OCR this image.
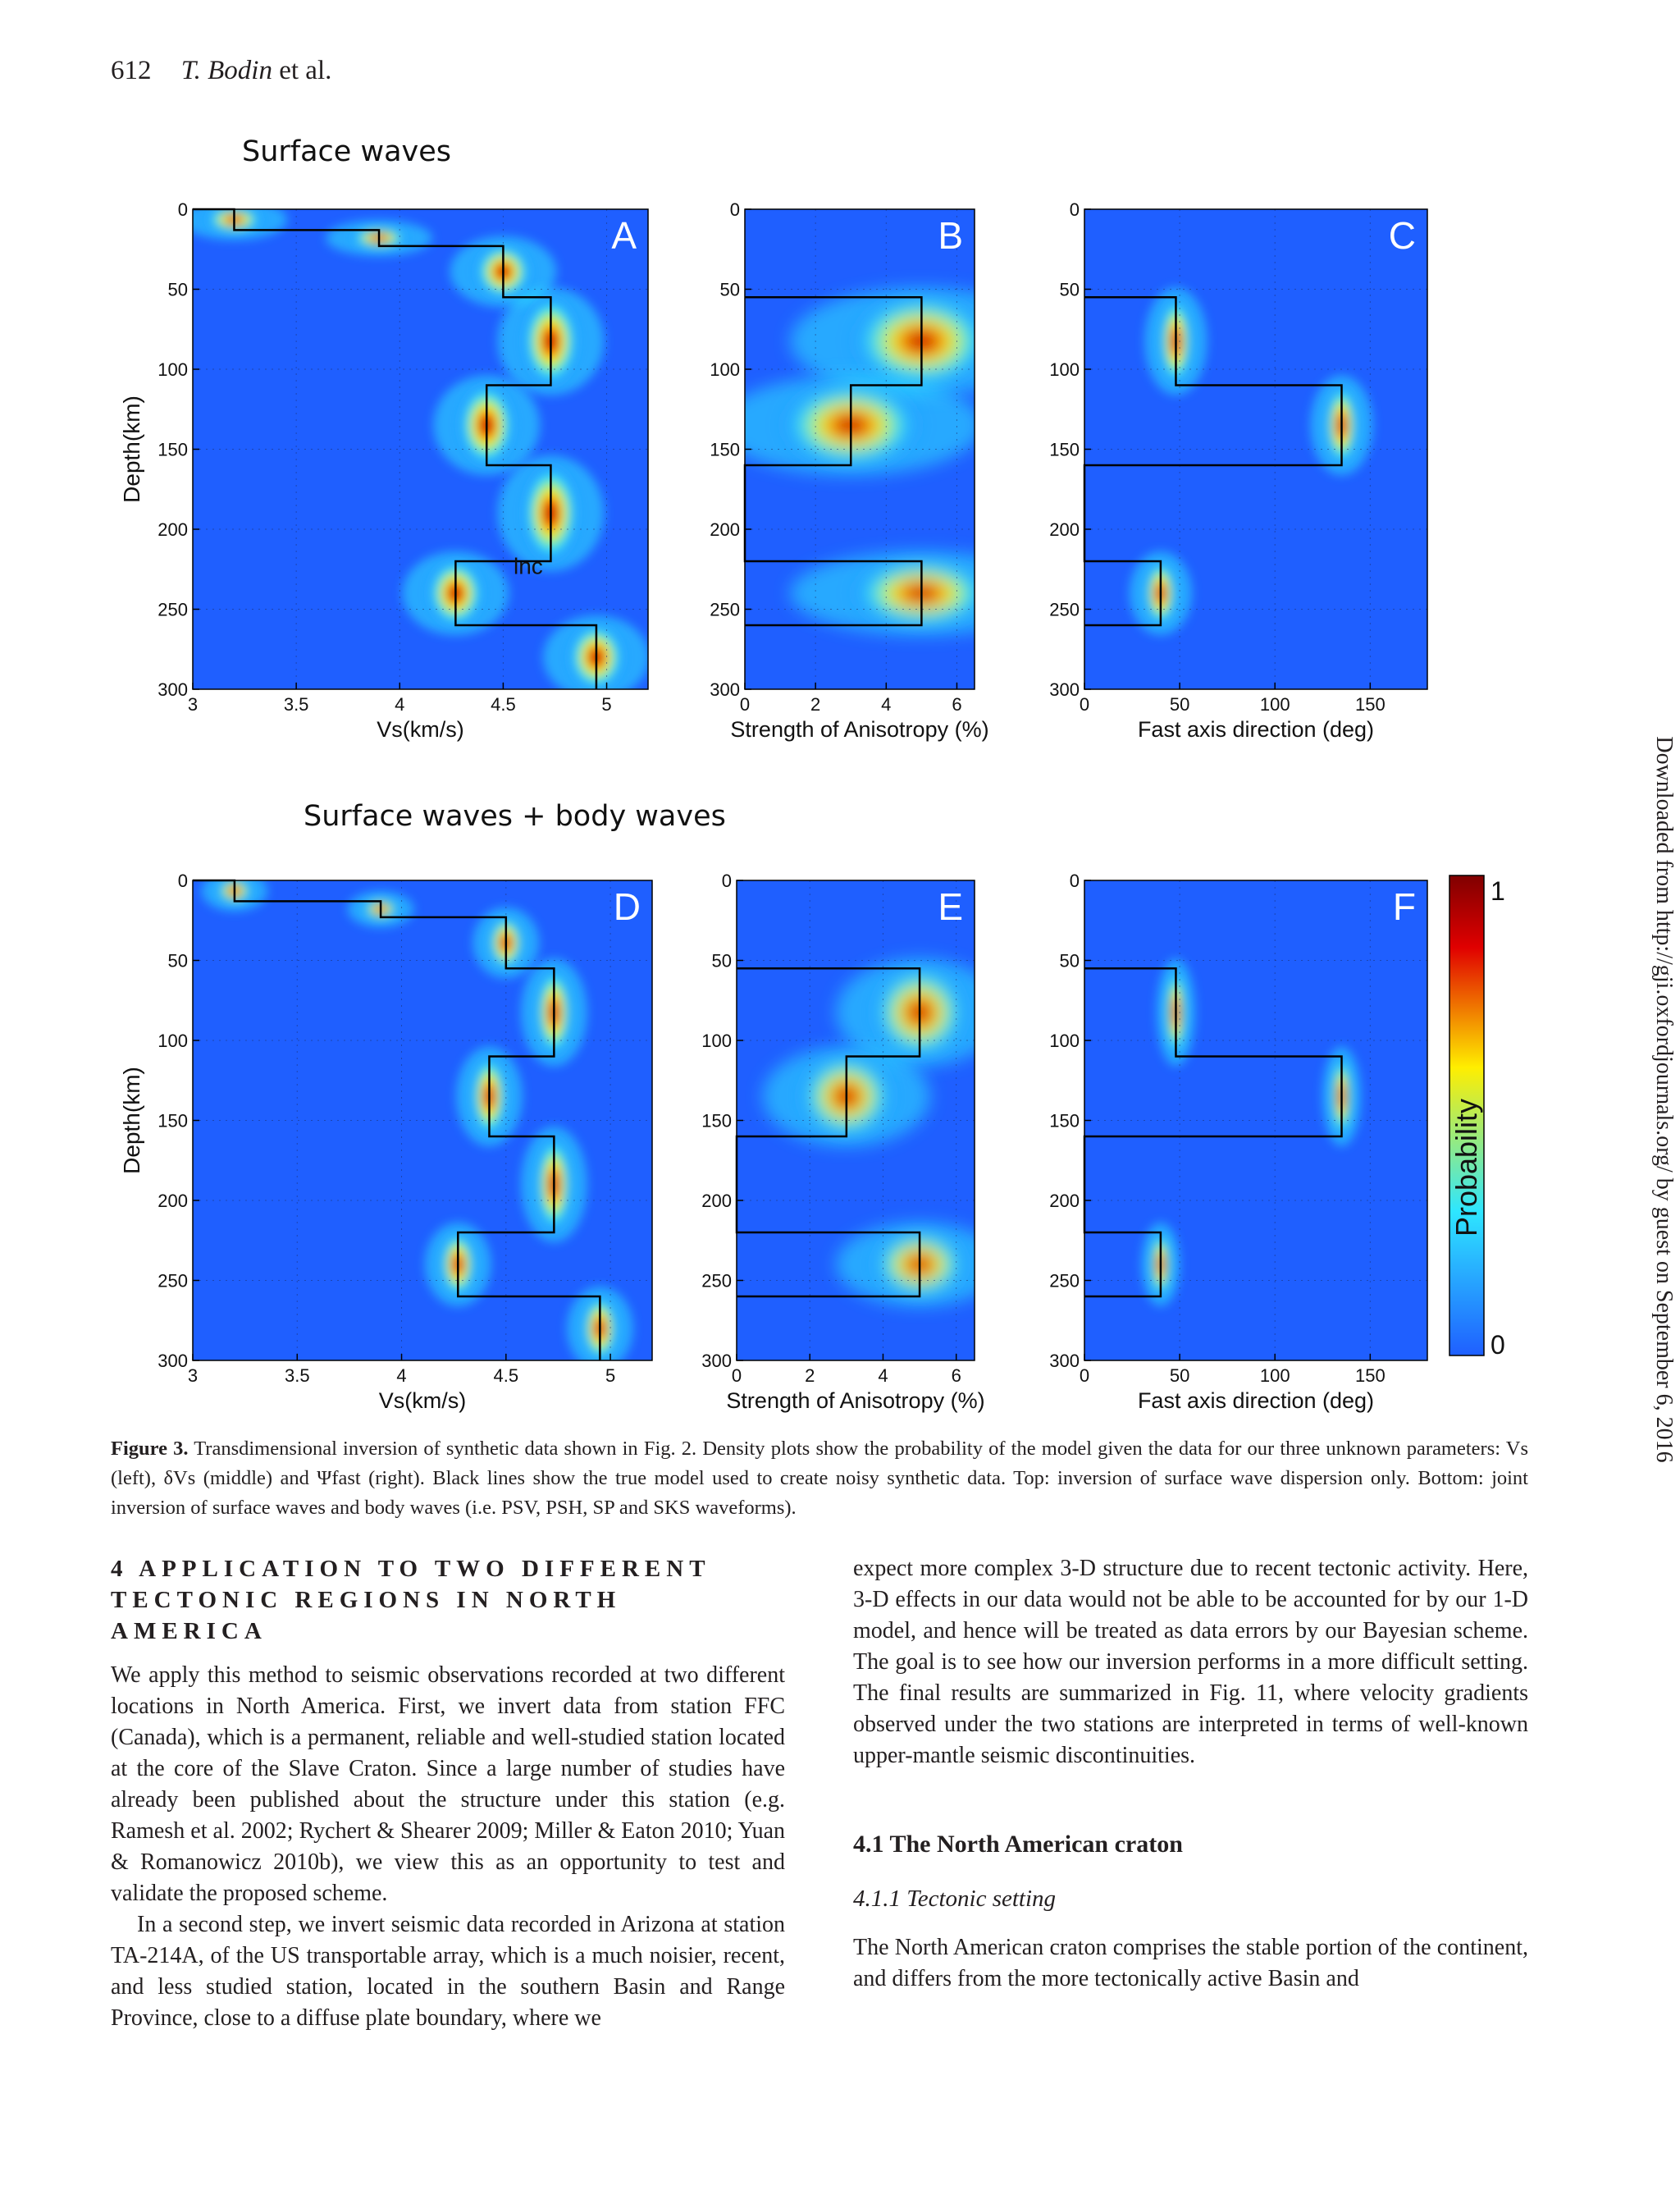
612 T. Bodin et al.
Surface waves
Surface waves + body waves
A
lnc
0
50
100
150
200
250
300
3	3.5	4	4.5	5
Vs(km/s)
Depth(km)
B
0
50
100
150
200
250
300
0	2	4	6
Strength of Anisotropy (%)
C
0
50
100
150
200
250
300
0	50	100	150
Fast axis direction (deg)
D
0
50
100
150
200
250
300
3	3.5	4	4.5	5
Vs(km/s)
Depth(km)
E
0
50
100
150
200
250
300
0	2	4	6
Strength of Anisotropy (%)
F
0
50
100
150
200
250
300
0	50	100	150
Fast axis direction (deg)
1
0
Probability
Figure 3. Transdimensional inversion of synthetic data shown in Fig. 2. Density plots show the probability of the model given the data for our three unknown parameters: Vs (left), δVs (middle) and Ψfast (right). Black lines show the true model used to create noisy synthetic data. Top: inversion of surface wave dispersion only. Bottom: joint inversion of surface waves and body waves (i.e. PSV, PSH, SP and SKS waveforms).
4 APPLICATION TO TWO DIFFERENT TECTONIC REGIONS IN NORTH AMERICA

We apply this method to seismic observations recorded at two different locations in North America. First, we invert data from station FFC (Canada), which is a permanent, reliable and well-studied station located at the core of the Slave Craton. Since a large number of studies have already been published about the structure under this station (e.g. Ramesh et al. 2002; Rychert & Shearer 2009; Miller & Eaton 2010; Yuan & Romanowicz 2010b), we view this as an opportunity to test and validate the proposed scheme.

In a second step, we invert seismic data recorded in Arizona at station TA-214A, of the US transportable array, which is a much noisier, recent, and less studied station, located in the southern Basin and Range Province, close to a diffuse plate boundary, where we

expect more complex 3-D structure due to recent tectonic activity. Here, 3-D effects in our data would not be able to be accounted for by our 1-D model, and hence will be treated as data errors by our Bayesian scheme. The goal is to see how our inversion performs in a more difficult setting. The final results are summarized in Fig. 11, where velocity gradients observed under the two stations are interpreted in terms of well-known upper-mantle seismic discontinuities.

4.1 The North American craton
4.1.1 Tectonic setting

The North American craton comprises the stable portion of the continent, and differs from the more tectonically active Basin and

Downloaded from http://gji.oxfordjournals.org/ by guest on September 6, 2016
